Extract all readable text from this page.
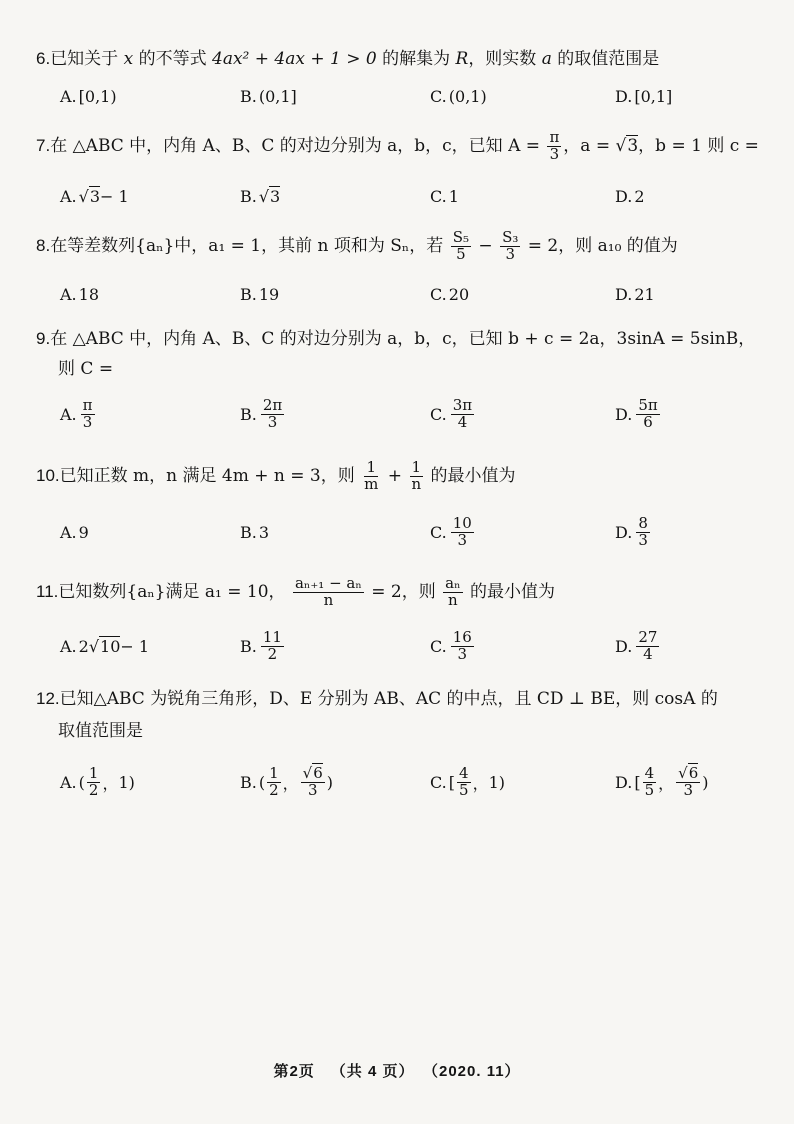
6.已知关于 x 的不等式 4ax² + 4ax + 1 > 0 的解集为 R，则实数 a 的取值范围是
A. [0,1)	B. (0,1]	C. (0,1)	D. [0,1]
7.在 △ABC 中，内角 A、B、C 的对边分别为 a，b，c，已知 $A = \frac{\pi}{3}$ ，a = √ 3，b = 1 则 c =
A. √ 3 − 1	B. √ 3	C. 1	D. 2
8.在等差数列{aₙ}中，a₁ = 1，其前 n 项和为 Sₙ，若 $\frac{\text{S₅}}{5} - \frac{\text{S₃}}{3} = 2$，则 a₁₀ 的值为
A. 18	B. 19	C. 20	D. 21
9.在 △ABC 中，内角 A、B、C 的对边分别为 a，b，c，已知 b + c = 2a，3sinA = 5sinB，
则 C =
A. $\frac{\pi}{3}$	B. $\frac{2\pi}{3}$	C. $\frac{3\pi}{4}$	D. $\frac{5\pi}{6}$
10.已知正数 m，n 满足 4m + n = 3，则 $\frac{1}{m} + \frac{1}{n}$ 的最小值为
A. 9	B. 3	C. $\frac{10}{3}$	D. $\frac{8}{3}$
11.已知数列{aₙ}满足 a₁ = 10， $\frac{\text{aₙ₊₁ − aₙ}}{n} = 2$，则 $\frac{\text{aₙ}}{n}$ 的最小值为
A. 2 √ 10 − 1	B. $\frac{11}{2}$	C. $\frac{16}{3}$	D. $\frac{27}{4}$
12.已知△ABC 为锐角三角形，D、E 分别为 AB、AC 的中点，且 CD ⊥ BE，则 cosA 的
取值范围是
A. ( $\frac{1}{2}$ ， 1 )	B. ( $\frac{1}{2}$ ， √ $\frac{6}{3}$ )	C. [ $\frac{4}{5}$ ， 1 )	D. [ $\frac{4}{5}$ ， √ $\frac{6}{3}$ )
第2页 （共 4 页） （2020. 11）
